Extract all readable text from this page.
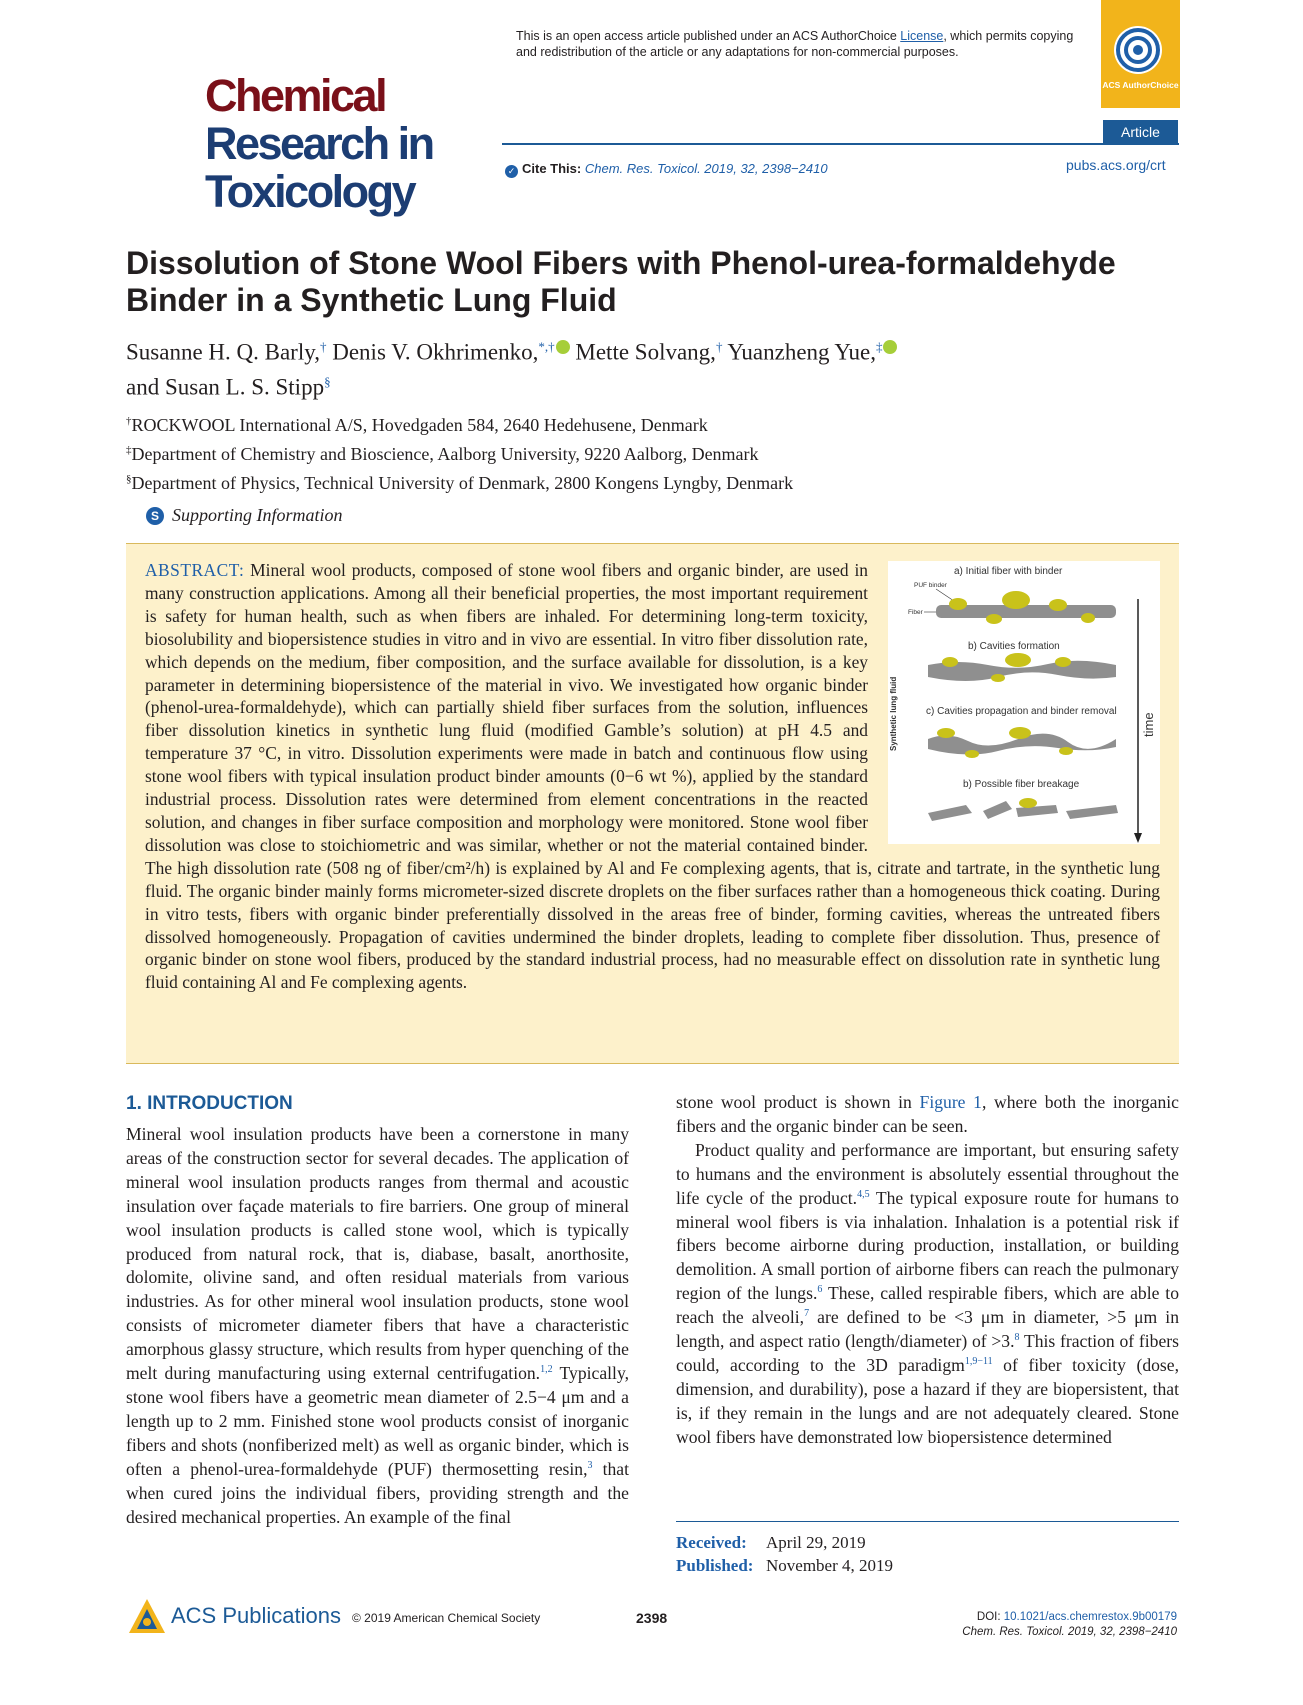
This is an open access article published under an ACS AuthorChoice License, which permits copying and redistribution of the article or any adaptations for non-commercial purposes.
ACS AuthorChoice
Chemical
Research in
Toxicology
Article
✓ Cite This: Chem. Res. Toxicol. 2019, 32, 2398−2410	pubs.acs.org/crt
Dissolution of Stone Wool Fibers with Phenol-urea-formaldehyde Binder in a Synthetic Lung Fluid
Susanne H. Q. Barly,† Denis V. Okhrimenko,*,† Mette Solvang,† Yuanzheng Yue,‡
and Susan L. S. Stipp§
†ROCKWOOL International A/S, Hovedgaden 584, 2640 Hedehusene, Denmark
‡Department of Chemistry and Bioscience, Aalborg University, 9220 Aalborg, Denmark
§Department of Physics, Technical University of Denmark, 2800 Kongens Lyngby, Denmark
S Supporting Information
Synthetic lung fluid	time
a) Initial fiber with binder
PUF binder
Fiber
b) Cavities formation
c) Cavities propagation and binder removal
b) Possible fiber breakage
ABSTRACT: Mineral wool products, composed of stone wool fibers and organic binder, are used in many construction applications. Among all their beneficial properties, the most important requirement is safety for human health, such as when fibers are inhaled. For determining long-term toxicity, biosolubility and biopersistence studies in vitro and in vivo are essential. In vitro fiber dissolution rate, which depends on the medium, fiber composition, and the surface available for dissolution, is a key parameter in determining biopersistence of the material in vivo. We investigated how organic binder (phenol-urea-formaldehyde), which can partially shield fiber surfaces from the solution, influences fiber dissolution kinetics in synthetic lung fluid (modified Gamble’s solution) at pH 4.5 and temperature 37 °C, in vitro. Dissolution experiments were made in batch and continuous flow using stone wool fibers with typical insulation product binder amounts (0−6 wt %), applied by the standard industrial process. Dissolution rates were determined from element concentrations in the reacted solution, and changes in fiber surface composition and morphology were monitored. Stone wool fiber dissolution was close to stoichiometric and was similar, whether or not the material contained binder. The high dissolution rate (508 ng of fiber/cm²/h) is explained by Al and Fe complexing agents, that is, citrate and tartrate, in the synthetic lung fluid. The organic binder mainly forms micrometer-sized discrete droplets on the fiber surfaces rather than a homogeneous thick coating. During in vitro tests, fibers with organic binder preferentially dissolved in the areas free of binder, forming cavities, whereas the untreated fibers dissolved homogeneously. Propagation of cavities undermined the binder droplets, leading to complete fiber dissolution. Thus, presence of organic binder on stone wool fibers, produced by the standard industrial process, had no measurable effect on dissolution rate in synthetic lung fluid containing Al and Fe complexing agents.
1. INTRODUCTION

Mineral wool insulation products have been a cornerstone in many areas of the construction sector for several decades. The application of mineral wool insulation products ranges from thermal and acoustic insulation over façade materials to fire barriers. One group of mineral wool insulation products is called stone wool, which is typically produced from natural rock, that is, diabase, basalt, anorthosite, dolomite, olivine sand, and often residual materials from various industries. As for other mineral wool insulation products, stone wool consists of micrometer diameter fibers that have a characteristic amorphous glassy structure, which results from hyper quenching of the melt during manufacturing using external centrifugation.$^{1,2}$ Typically, stone wool fibers have a geometric mean diameter of 2.5−4 μm and a length up to 2 mm. Finished stone wool products consist of inorganic fibers and shots (nonfiberized melt) as well as organic binder, which is often a phenol-urea-formaldehyde (PUF) thermosetting resin,$^3$ that when cured joins the individual fibers, providing strength and the desired mechanical properties. An example of the final

stone wool product is shown in Figure 1, where both the inorganic fibers and the organic binder can be seen.

Product quality and performance are important, but ensuring safety to humans and the environment is absolutely essential throughout the life cycle of the product.$^{4,5}$ The typical exposure route for humans to mineral wool fibers is via inhalation. Inhalation is a potential risk if fibers become airborne during production, installation, or building demolition. A small portion of airborne fibers can reach the pulmonary region of the lungs.$^6$ These, called respirable fibers, which are able to reach the alveoli,$^7$ are defined to be <3 μm in diameter, >5 μm in length, and aspect ratio (length/diameter) of >3.$^8$ This fraction of fibers could, according to the 3D paradigm$^{1,9-11}$ of fiber toxicity (dose, dimension, and durability), pose a hazard if they are biopersistent, that is, if they remain in the lungs and are not adequately cleared. Stone wool fibers have demonstrated low biopersistence determined

Received: April 29, 2019
Published: November 4, 2019
ACS Publications © 2019 American Chemical Society	2398	DOI: 10.1021/acs.chemrestox.9b00179
Chem. Res. Toxicol. 2019, 32, 2398−2410
